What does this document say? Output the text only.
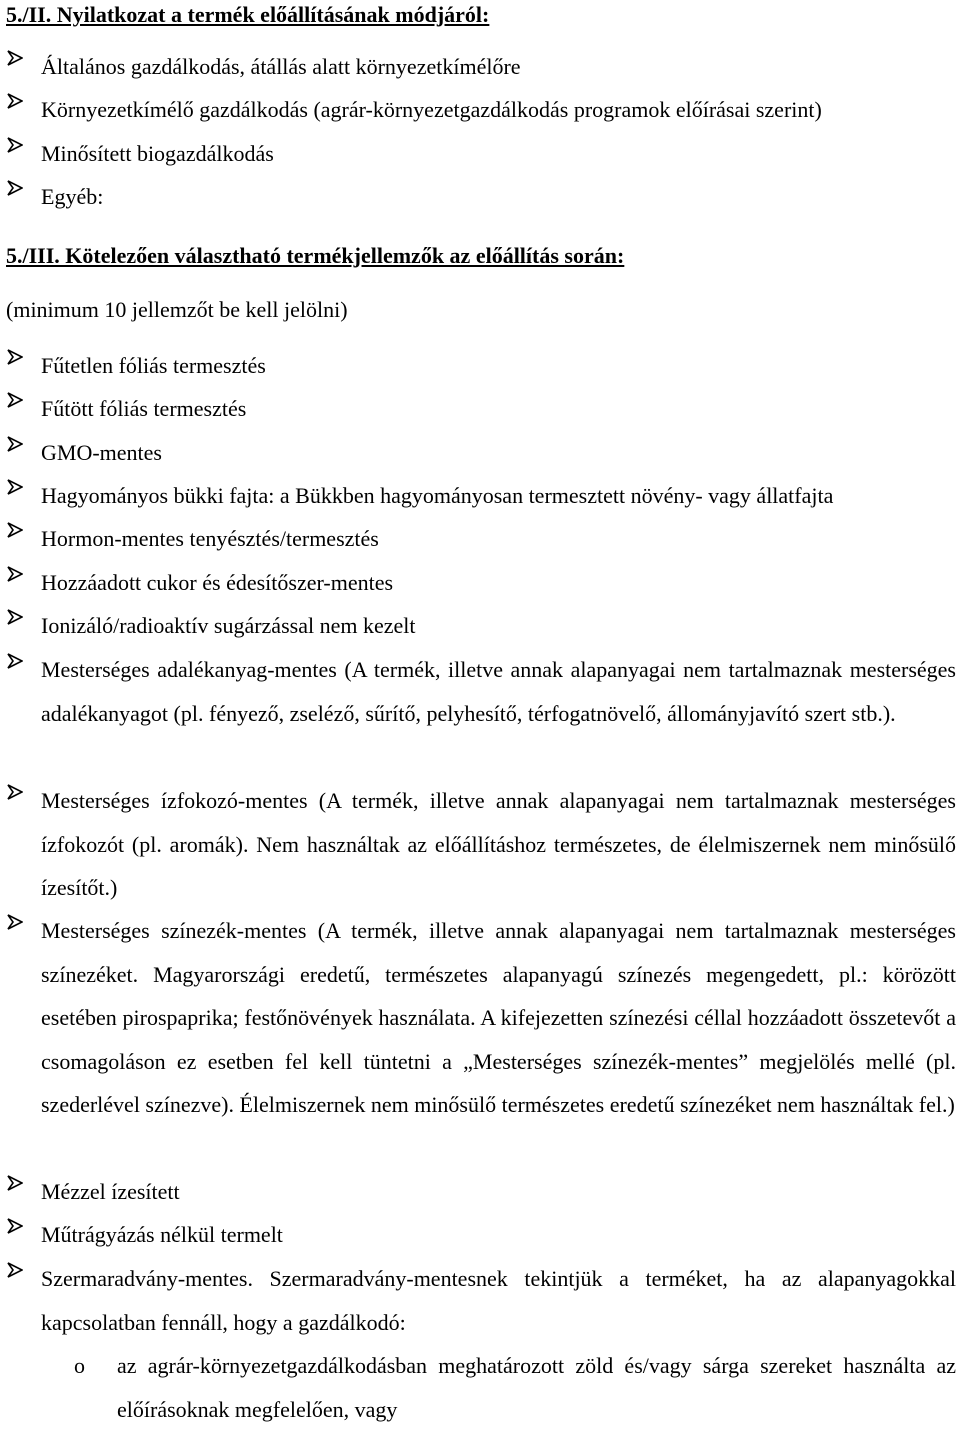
5./II. Nyilatkozat a termék előállításának módjáról:
Általános gazdálkodás, átállás alatt környezetkímélőre
Környezetkímélő gazdálkodás (agrár-környezetgazdálkodás programok előírásai szerint)
Minősített biogazdálkodás
Egyéb:
5./III. Kötelezően választható termékjellemzők az előállítás során:
(minimum 10 jellemzőt be kell jelölni)
Fűtetlen fóliás termesztés
Fűtött fóliás termesztés
GMO-mentes
Hagyományos bükki fajta: a Bükkben hagyományosan termesztett növény- vagy állatfajta
Hormon-mentes tenyésztés/termesztés
Hozzáadott cukor és édesítőszer-mentes
Ionizáló/radioaktív sugárzással nem kezelt
Mesterséges adalékanyag-mentes (A termék, illetve annak alapanyagai nem tartalmaznak mesterséges adalékanyagot (pl. fényező, zseléző, sűrítő, pelyhesítő, térfogatnövelő, állományjavító szert stb.).
Mesterséges ízfokozó-mentes (A termék, illetve annak alapanyagai nem tartalmaznak mesterséges ízfokozót (pl. aromák). Nem használtak az előállításhoz természetes, de élelmiszernek nem minősülő ízesítőt.)
Mesterséges színezék-mentes (A termék, illetve annak alapanyagai nem tartalmaznak mesterséges színezéket. Magyarországi eredetű, természetes alapanyagú színezés megengedett, pl.: körözött esetében pirospaprika; festőnövények használata. A kifejezetten színezési céllal hozzáadott összetevőt a csomagoláson ez esetben fel kell tüntetni a „Mesterséges színezék-mentes” megjelölés mellé (pl. szederlével színezve). Élelmiszernek nem minősülő természetes eredetű színezéket nem használtak fel.)
Mézzel ízesített
Műtrágyázás nélkül termelt
Szermaradvány-mentes. Szermaradvány-mentesnek tekintjük a terméket, ha az alapanyagokkal kapcsolatban fennáll, hogy a gazdálkodó:
o az agrár-környezetgazdálkodásban meghatározott zöld és/vagy sárga szereket használta az előírásoknak megfelelően, vagy
